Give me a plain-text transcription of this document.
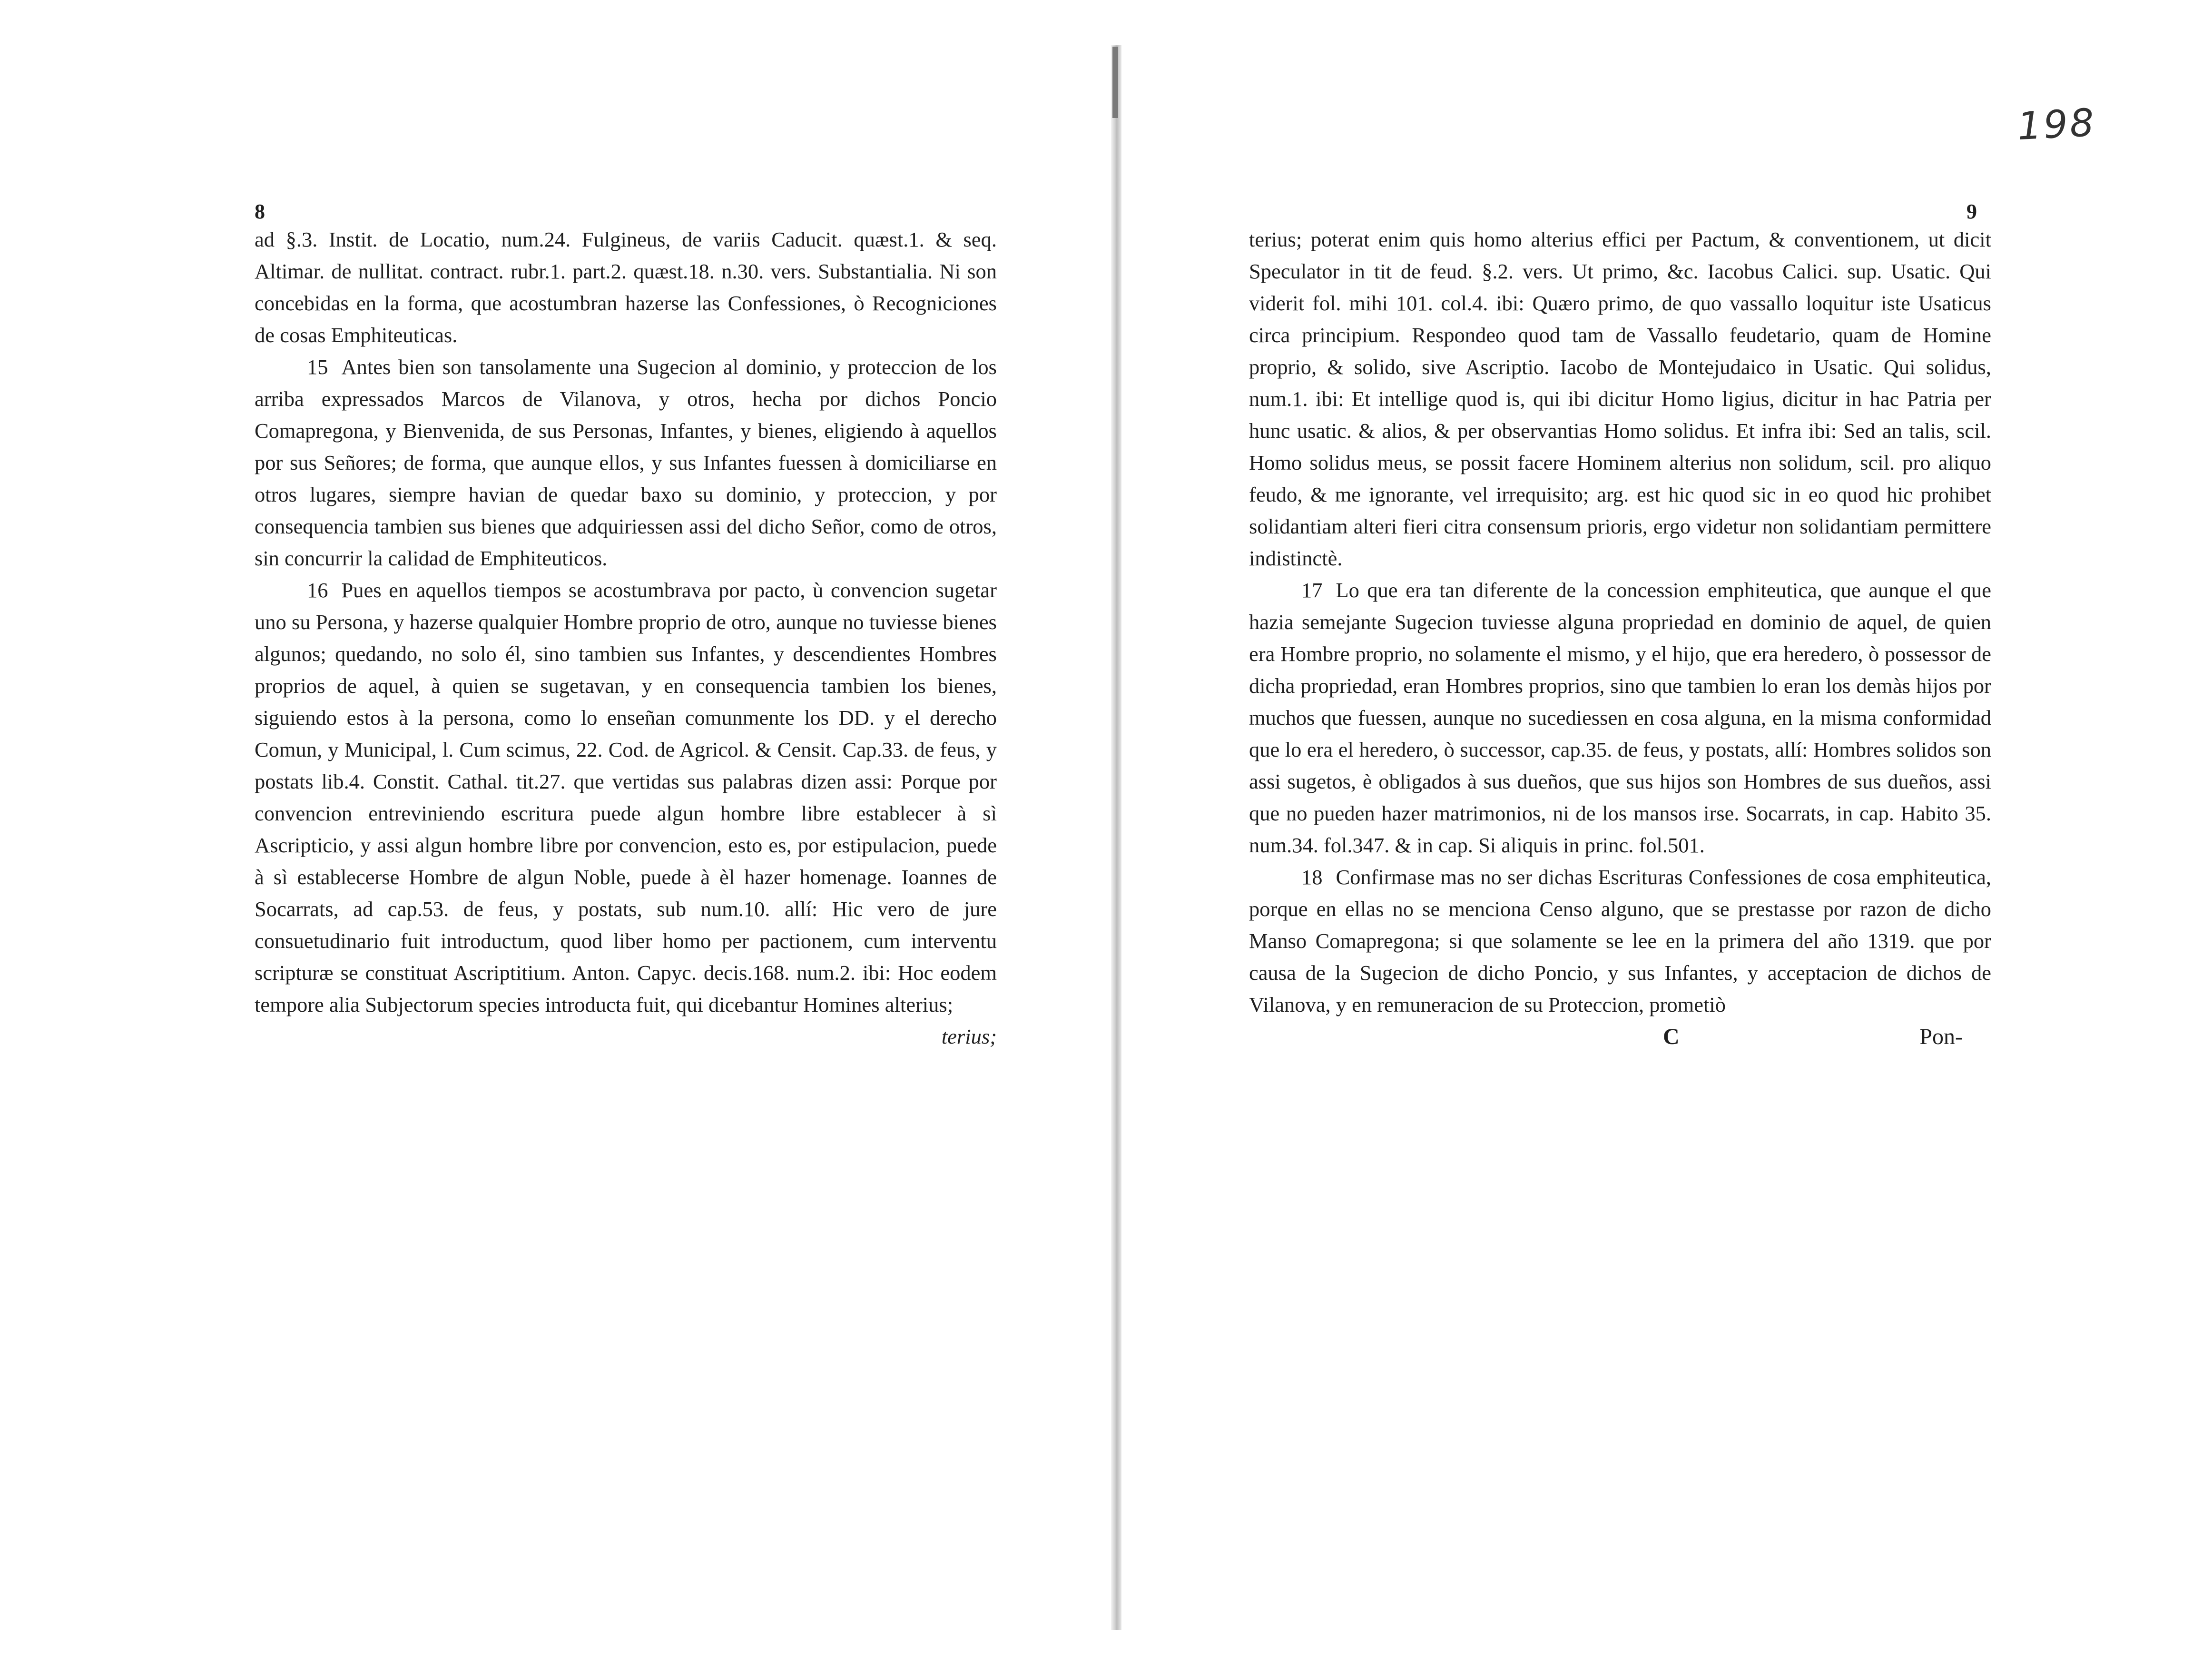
198
8

ad §.3. Instit. de Locatio, num.24. Fulgineus, de variis Caducit. quæst.1. & seq. Altimar. de nullitat. contract. rubr.1. part.2. quæst.18. n.30. vers. Substantialia. Ni son concebidas en la forma, que acostumbran hazerse las Confessiones, ò Recogniciones de cosas Emphiteuticas.

15 Antes bien son tansolamente una Sugecion al dominio, y proteccion de los arriba expressados Marcos de Vilanova, y otros, hecha por dichos Poncio Comapregona, y Bienvenida, de sus Personas, Infantes, y bienes, eligiendo à aquellos por sus Señores; de forma, que aunque ellos, y sus Infantes fuessen à domiciliarse en otros lugares, siempre havian de quedar baxo su dominio, y proteccion, y por consequencia tambien sus bienes que adquiriessen assi del dicho Señor, como de otros, sin concurrir la calidad de Emphiteuticos.

16 Pues en aquellos tiempos se acostumbrava por pacto, ù convencion sugetar uno su Persona, y hazerse qualquier Hombre proprio de otro, aunque no tuviesse bienes algunos; quedando, no solo él, sino tambien sus Infantes, y descendientes Hombres proprios de aquel, à quien se sugetavan, y en consequencia tambien los bienes, siguiendo estos à la persona, como lo enseñan comunmente los DD. y el derecho Comun, y Municipal, l. Cum scimus, 22. Cod. de Agricol. & Censit. Cap.33. de feus, y postats lib.4. Constit. Cathal. tit.27. que vertidas sus palabras dizen assi: Porque por convencion entreviniendo escritura puede algun hombre libre establecer à sì Ascripticio, y assi algun hombre libre por convencion, esto es, por estipulacion, puede à sì establecerse Hombre de algun Noble, puede à èl hazer homenage. Ioannes de Socarrats, ad cap.53. de feus, y postats, sub num.10. allí: Hic vero de jure consuetudinario fuit introductum, quod liber homo per pactionem, cum interventu scripturæ se constituat Ascriptitium. Anton. Capyc. decis.168. num.2. ibi: Hoc eodem tempore alia Subjectorum species introducta fuit, qui dicebantur Homines alterius;

terius;
9

terius; poterat enim quis homo alterius effici per Pactum, & conventionem, ut dicit Speculator in tit de feud. §.2. vers. Ut primo, &c. Iacobus Calici. sup. Usatic. Qui viderit fol. mihi 101. col.4. ibi: Quæro primo, de quo vassallo loquitur iste Usaticus circa principium. Respondeo quod tam de Vassallo feudetario, quam de Homine proprio, & solido, sive Ascriptio. Iacobo de Montejudaico in Usatic. Qui solidus, num.1. ibi: Et intellige quod is, qui ibi dicitur Homo ligius, dicitur in hac Patria per hunc usatic. & alios, & per observantias Homo solidus. Et infra ibi: Sed an talis, scil. Homo solidus meus, se possit facere Hominem alterius non solidum, scil. pro aliquo feudo, & me ignorante, vel irrequisito; arg. est hic quod sic in eo quod hic prohibet solidantiam alteri fieri citra consensum prioris, ergo videtur non solidantiam permittere indistinctè.

17 Lo que era tan diferente de la concession emphiteutica, que aunque el que hazia semejante Sugecion tuviesse alguna propriedad en dominio de aquel, de quien era Hombre proprio, no solamente el mismo, y el hijo, que era heredero, ò possessor de dicha propriedad, eran Hombres proprios, sino que tambien lo eran los demàs hijos por muchos que fuessen, aunque no sucediessen en cosa alguna, en la misma conformidad que lo era el heredero, ò successor, cap.35. de feus, y postats, allí: Hombres solidos son assi sugetos, è obligados à sus dueños, que sus hijos son Hombres de sus dueños, assi que no pueden hazer matrimonios, ni de los mansos irse. Socarrats, in cap. Habito 35. num.34. fol.347. & in cap. Si aliquis in princ. fol.501.

18 Confirmase mas no ser dichas Escrituras Confessiones de cosa emphiteutica, porque en ellas no se menciona Censo alguno, que se prestasse por razon de dicho Manso Comapregona; si que solamente se lee en la primera del año 1319. que por causa de la Sugecion de dicho Poncio, y sus Infantes, y acceptacion de dichos de Vilanova, y en remuneracion de su Proteccion, prometiò

C	Pon-
